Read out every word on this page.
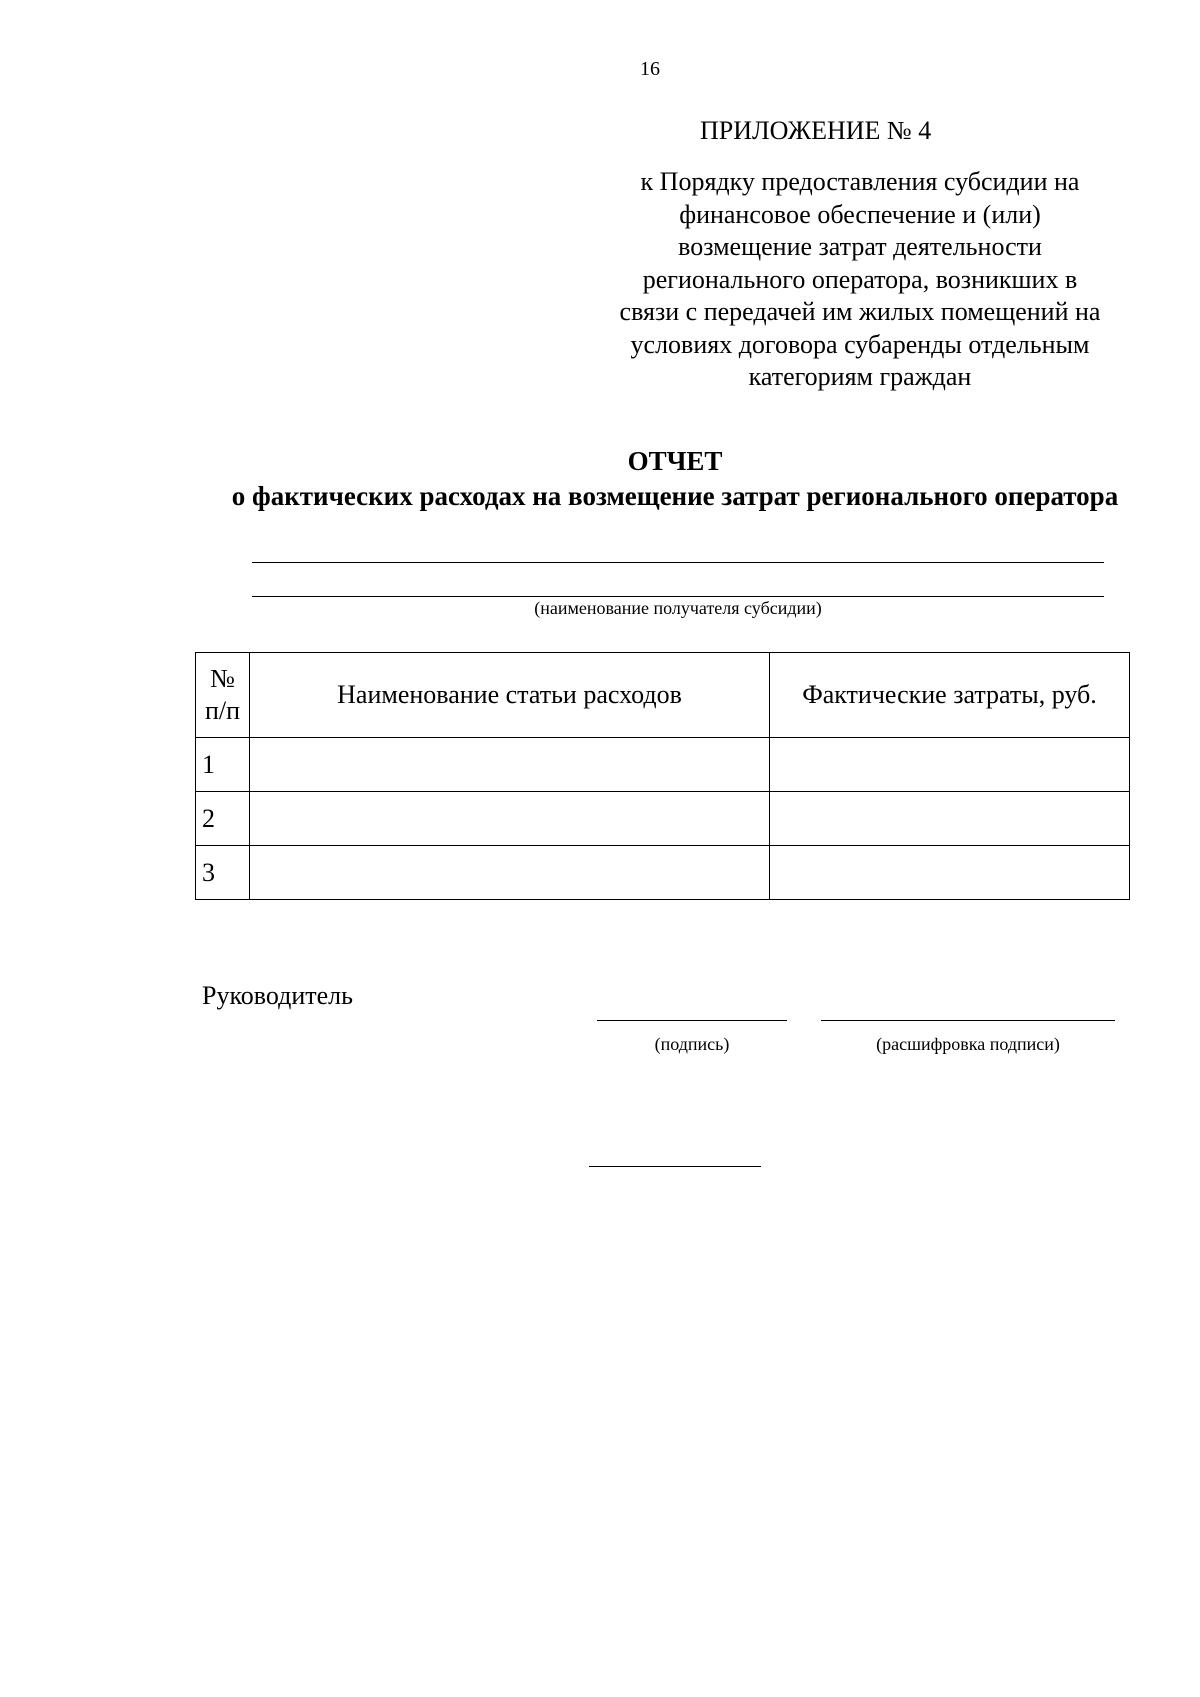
16
ПРИЛОЖЕНИЕ № 4
к Порядку предоставления субсидии на
финансовое обеспечение и (или)
возмещение затрат деятельности
регионального оператора, возникших в
связи с передачей им жилых помещений на
условиях договора субаренды отдельным
категориям граждан
ОТЧЕТ
о фактических расходах на возмещение затрат регионального оператора
(наименование получателя субсидии)
№
п/п	Наименование статьи расходов	Фактические затраты, руб.
1		
2		
3		
Руководитель
(подпись)	(расшифровка подписи)
